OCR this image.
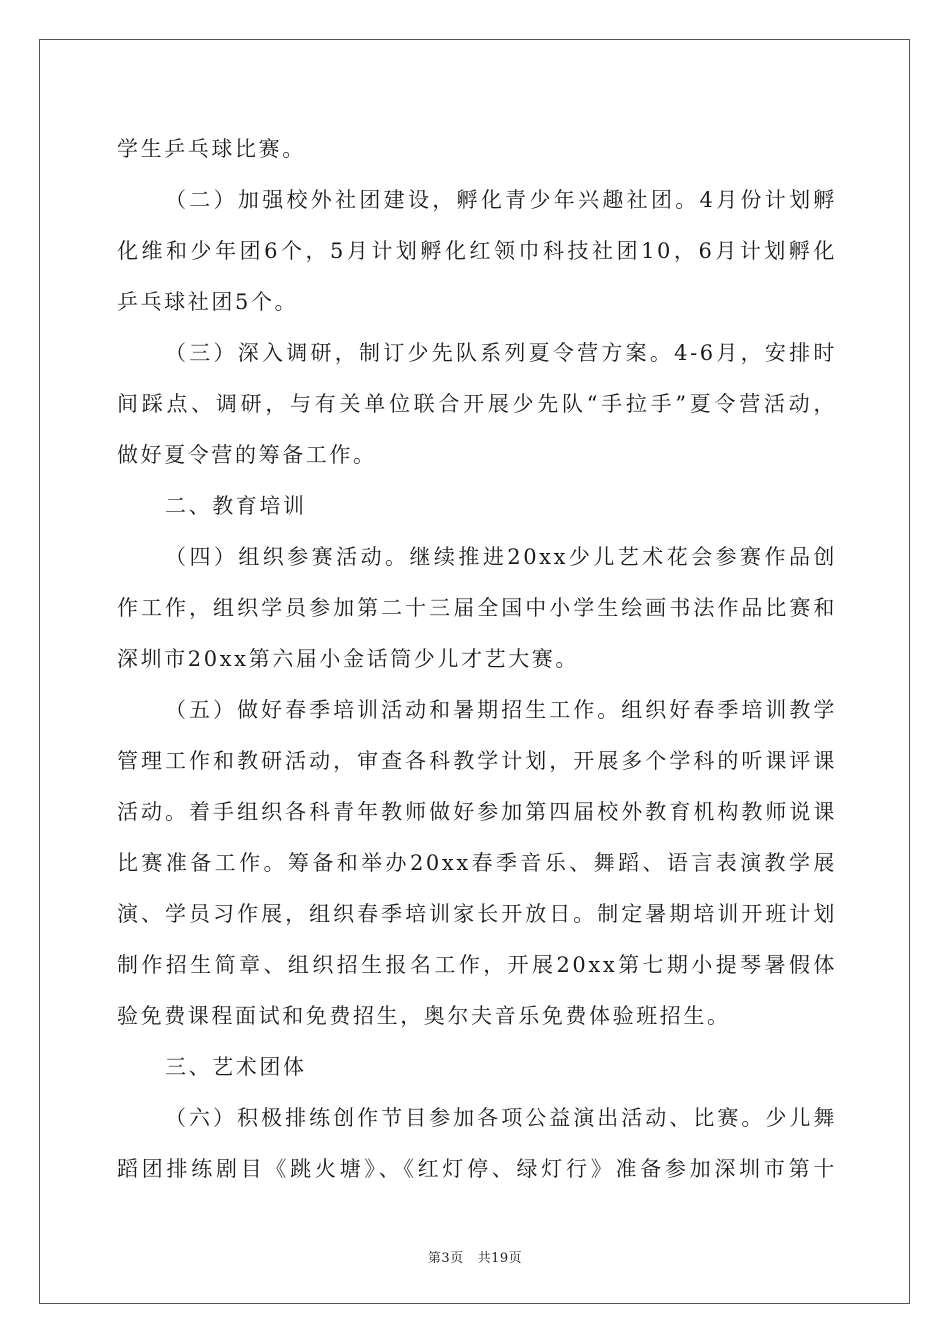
学生乒乓球比赛。
（二）加强校外社团建设，孵化青少年兴趣社团。4月份计划孵
化维和少年团6个，5月计划孵化红领巾科技社团10，6月计划孵化
乒乓球社团5个。
（三）深入调研，制订少先队系列夏令营方案。4-6月，安排时
间踩点、调研，与有关单位联合开展少先队“手拉手”夏令营活动，
做好夏令营的筹备工作。
二、教育培训
（四）组织参赛活动。继续推进20xx少儿艺术花会参赛作品创
作工作，组织学员参加第二十三届全国中小学生绘画书法作品比赛和
深圳市20xx第六届小金话筒少儿才艺大赛。
（五）做好春季培训活动和暑期招生工作。组织好春季培训教学
管理工作和教研活动，审查各科教学计划，开展多个学科的听课评课
活动。着手组织各科青年教师做好参加第四届校外教育机构教师说课
比赛准备工作。筹备和举办20xx春季音乐、舞蹈、语言表演教学展
演、学员习作展，组织春季培训家长开放日。制定暑期培训开班计划
制作招生简章、组织招生报名工作，开展20xx第七期小提琴暑假体
验免费课程面试和免费招生，奥尔夫音乐免费体验班招生。
三、艺术团体
（六）积极排练创作节目参加各项公益演出活动、比赛。少儿舞
蹈团排练剧目《跳火塘》、《红灯停、绿灯行》准备参加深圳市第十
第3页 共19页
